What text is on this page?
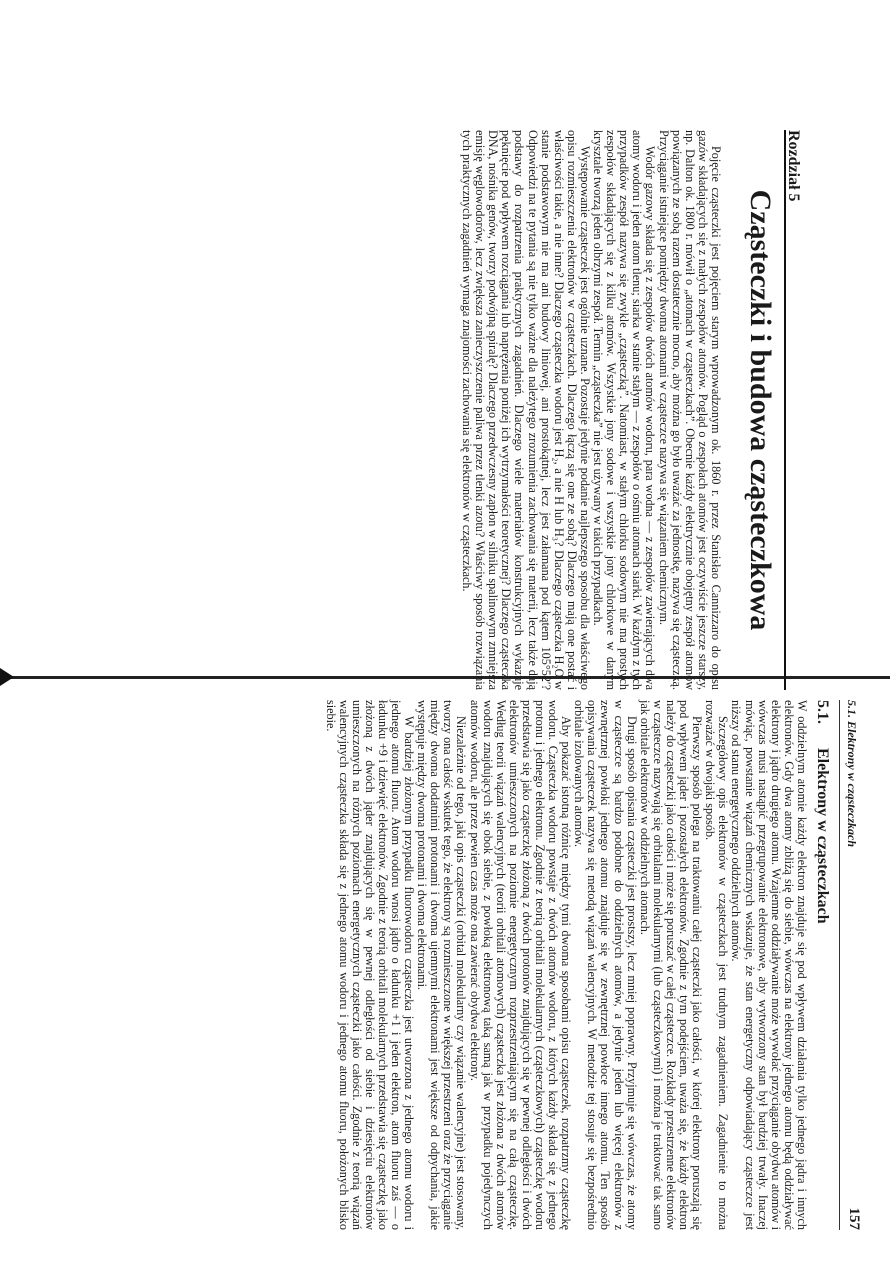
Rozdział 5
Cząsteczki i budowa cząsteczkowa

Pojęcie cząsteczki jest pojęciem starym wprowadzonym ok. 1860 r. przez Stanisłao Cannizzaro do opisu gazów składających się z małych zespołów atomów. Pogląd o zespołach atomów jest oczywiście jeszcze starszy, np. Dalton ok. 1800 r. mówił o „atomach w cząsteczkach”. Obecnie każdy elektrycznie obojętny zespół atomów powiązanych ze sobą razem dostatecznie mocno, aby można go było uważać za jednostkę, nazywa się cząsteczką. Przyciąganie istniejące pomiędzy dwoma atomami w cząsteczce nazywa się wiązaniem chemicznym.

Wodór gazowy składa się z zespołów dwóch atomów wodoru, para wodna — z zespołów zawierających dwa atomy wodoru i jeden atom tlenu; siarka w stanie stałym — z zespołów o ośmiu atomach siarki. W każdym z tych przypadków zespół nazywa się zwykle „cząsteczką”. Natomiast, w stałym chlorku sodowym nie ma prostych zespołów składających się z kilku atomów. Wszystkie jony sodowe i wszystkie jony chlorkowe w danym krysztale tworzą jeden olbrzymi zespół. Termin „cząsteczka” nie jest używany w takich przypadkach.

Występowanie cząsteczek jest ogólnie uznane. Pozostaje jedynie podanie najlepszego sposobu dla właściwego opisu rozmieszczenia elektronów w cząsteczkach. Dlaczego łączą się one ze sobą? Dlaczego mają one postać i właściwości takie, a nie inne? Dlaczego cząsteczka wodoru jest H₂, a nie H lub H₃? Dlaczego cząsteczka H₂O w stanie podstawowym nie ma ani budowy liniowej, ani prostokątnej, lecz jest załamana pod kątem 105°52′? Odpowiedzi na te pytania są nie tylko ważne dla należytego zrozumienia zachowania się materii, lecz także dają podstawy do rozpatrzenia praktycznych zagadnień. Dlaczego wiele materiałów konstrukcyjnych wykazuje pęknięcie pod wpływem rozciągania lub naprężenia poniżej ich wytrzymałości teoretycznej? Dlaczego cząsteczka DNA, nośnika genów, tworzy podwójną spiralę? Dlaczego przedwczesny zapłon w silniku spalinowym zmniejsza emisję węglowodorów, lecz zwiększa zanieczyszczenie paliwa przez tlenki azotu? Właściwy sposób rozwiązania tych praktycznych zagadnień wymaga znajomości zachowania się elektronów w cząsteczkach.

5.1. Elektrony w cząsteczkach
157
5.1.Elektrony w cząsteczkach

W oddzielnym atomie każdy elektron znajduje się pod wpływem działania tylko jednego jądra i innych elektronów. Gdy dwa atomy zbliżą się do siebie, wówczas na elektrony jednego atomu będą oddziaływać elektrony i jądro drugiego atomu. Wzajemne oddziaływanie może wywołać przyciąganie obydwu atomów i wówczas musi nastąpić przegrupowanie elektronowe, aby wytworzony stan był bardziej trwały. Inaczej mówiąc, powstanie wiązań chemicznych wskazuje, że stan energetyczny odpowiadający cząsteczce jest niższy od stanu energetycznego oddzielnych atomów.

Szczegółowy opis elektronów w cząsteczkach jest trudnym zagadnieniem. Zagadnienie to można rozważać w dwojaki sposób.

Pierwszy sposób polega na traktowaniu całej cząsteczki jako całości, w której elektrony poruszają się pod wpływem jąder i pozostałych elektronów. Zgodnie z tym podejściem, uważa się, że każdy elektron należy do cząsteczki jako całości i może się poruszać w całej cząsteczce. Rozkłady przestrzenne elektronów w cząsteczce nazywają się orbitalami molekularnymi (lub cząsteczkowymi) i można je traktować tak samo jak orbitale elektronów w oddzielnych atomach.

Drugi sposób opisania cząsteczki jest prostszy, lecz mniej poprawny. Przyjmuje się wówczas, że atomy w cząsteczce są bardzo podobne do oddzielnych atomów, a jedynie jeden lub więcej elektronów z zewnętrznej powłoki jednego atomu znajduje się w zewnętrznej powłoce innego atomu. Ten sposób opisywania cząsteczek nazywa się metodą wiązań walencyjnych. W metodzie tej stosuje się bezpośrednio orbitale izolowanych atomów.

Aby pokazać istotną różnicę między tymi dwoma sposobami opisu cząsteczek, rozpatrzmy cząsteczkę wodoru. Cząsteczka wodoru powstaje z dwóch atomów wodoru, z których każdy składa się z jednego protonu i jednego elektronu. Zgodnie z teorią orbitali molekularnych (cząsteczkowych) cząsteczkę wodoru przedstawia się jako cząsteczkę złożoną z dwóch protonów znajdujących się w pewnej odległości i dwóch elektronów umieszczonych na poziomie energetycznym rozprzestrzeniającym się na całą cząsteczkę. Według teorii wiązań walencyjnych (teorii orbitali atomowych) cząsteczka jest złożona z dwóch atomów wodoru znajdujących się obok siebie, z powłoką elektronową taką samą jak w przypadku pojedynczych atomów wodoru, ale przez pewien czas może ona zawierać obydwa elektrony.

Niezależnie od tego, jaki opis cząsteczki (orbital molekularny czy wiązanie walencyjne) jest stosowany, tworzy ona całość wskutek tego, że elektrony są rozmieszczone w większej przestrzeni oraz że przyciąganie między dwoma dodatnimi protonami i dwoma ujemnymi elektronami jest większe od odpychania, jakie występuje między dwoma protonami i dwoma elektronami.

W bardziej złożonym przypadku fluorowodoru cząsteczka jest utworzona z jednego atomu wodoru i jednego atomu fluoru. Atom wodoru wnosi jądro o ładunku +1 i jeden elektron, atom fluoru zaś — o ładunku +9 i dziewięć elektronów. Zgodnie z teorią orbitali molekularnych przedstawia się cząsteczkę jako złożoną z dwóch jąder znajdujących się w pewnej odległości od siebie i dziesięciu elektronów umieszczonych na różnych poziomach energetycznych cząsteczki jako całości. Zgodnie z teorią wiązań walencyjnych cząsteczka składa się z jednego atomu wodoru i jednego atomu fluoru, położonych blisko siebie.
